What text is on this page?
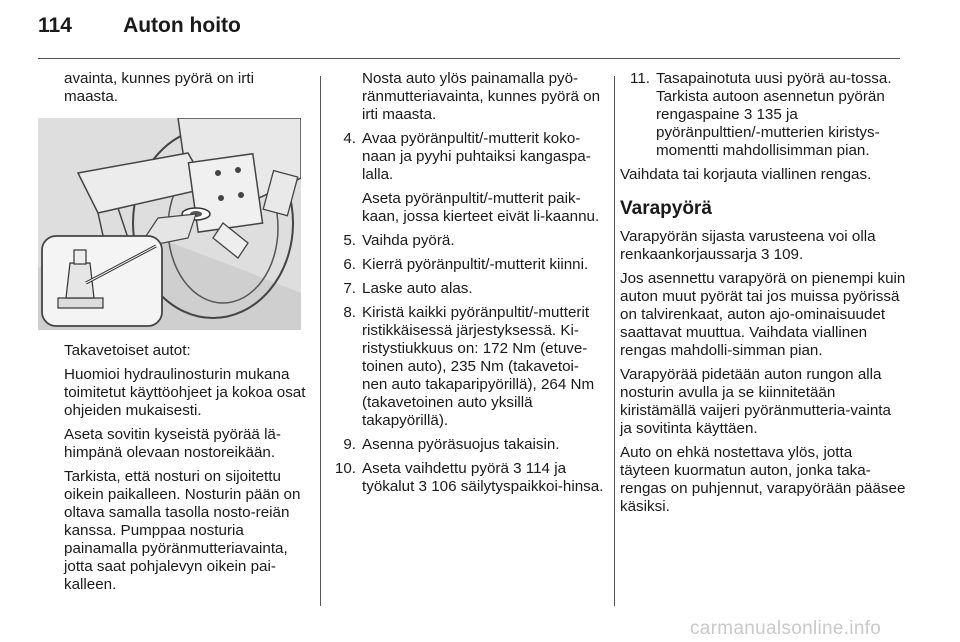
114 Auton hoito

avainta, kunnes pyörä on irti maasta.

Takavetoiset autot:

Huomioi hydraulinosturin mukana toimitetut käyttöohjeet ja kokoa osat ohjeiden mukaisesti.

Aseta sovitin kyseistä pyörää lä-himpänä olevaan nostoreikään.

Tarkista, että nosturi on sijoitettu oikein paikalleen. Nosturin pään on oltava samalla tasolla nosto-reiän kanssa. Pumppaa nosturia painamalla pyöränmutteriavainta, jotta saat pohjalevyn oikein pai-kalleen.

Nosta auto ylös painamalla pyö-ränmutteriavainta, kunnes pyörä on irti maasta.

4. Avaa pyöränpultit/-mutterit koko-naan ja pyyhi puhtaiksi kangaspa-lalla.
Aseta pyöränpultit/-mutterit paik-kaan, jossa kierteet eivät li-kaannu.
5. Vaihda pyörä.
6. Kierrä pyöränpultit/-mutterit kiinni.
7. Laske auto alas.
8. Kiristä kaikki pyöränpultit/-mutterit ristikkäisessä järjestyksessä. Ki-ristystiukkuus on: 172 Nm (etuve-toinen auto), 235 Nm (takavetoi-nen auto takaparipyörillä), 264 Nm (takavetoinen auto yksillä takapyörillä).
9. Asenna pyöräsuojus takaisin.
10. Aseta vaihdettu pyörä 3 114 ja työkalut 3 106 säilytyspaikkoi-hinsa.
11. Tasapainotuta uusi pyörä au-tossa. Tarkista autoon asennetun pyörän rengaspaine 3 135 ja pyöränpulttien/-mutterien kiristys-momentti mahdollisimman pian.

Vaihdata tai korjauta viallinen rengas.

Varapyörä

Varapyörän sijasta varusteena voi olla renkaankorjaussarja 3 109.

Jos asennettu varapyörä on pienempi kuin auton muut pyörät tai jos muissa pyörissä on talvirenkaat, auton ajo-ominaisuudet saattavat muuttua. Vaihdata viallinen rengas mahdolli-simman pian.

Varapyörää pidetään auton rungon alla nosturin avulla ja se kiinnitetään kiristämällä vaijeri pyöränmutteria-vainta ja sovitinta käyttäen.

Auto on ehkä nostettava ylös, jotta täyteen kuormatun auton, jonka taka-rengas on puhjennut, varapyörään pääsee käsiksi.

carmanualsonline.info
